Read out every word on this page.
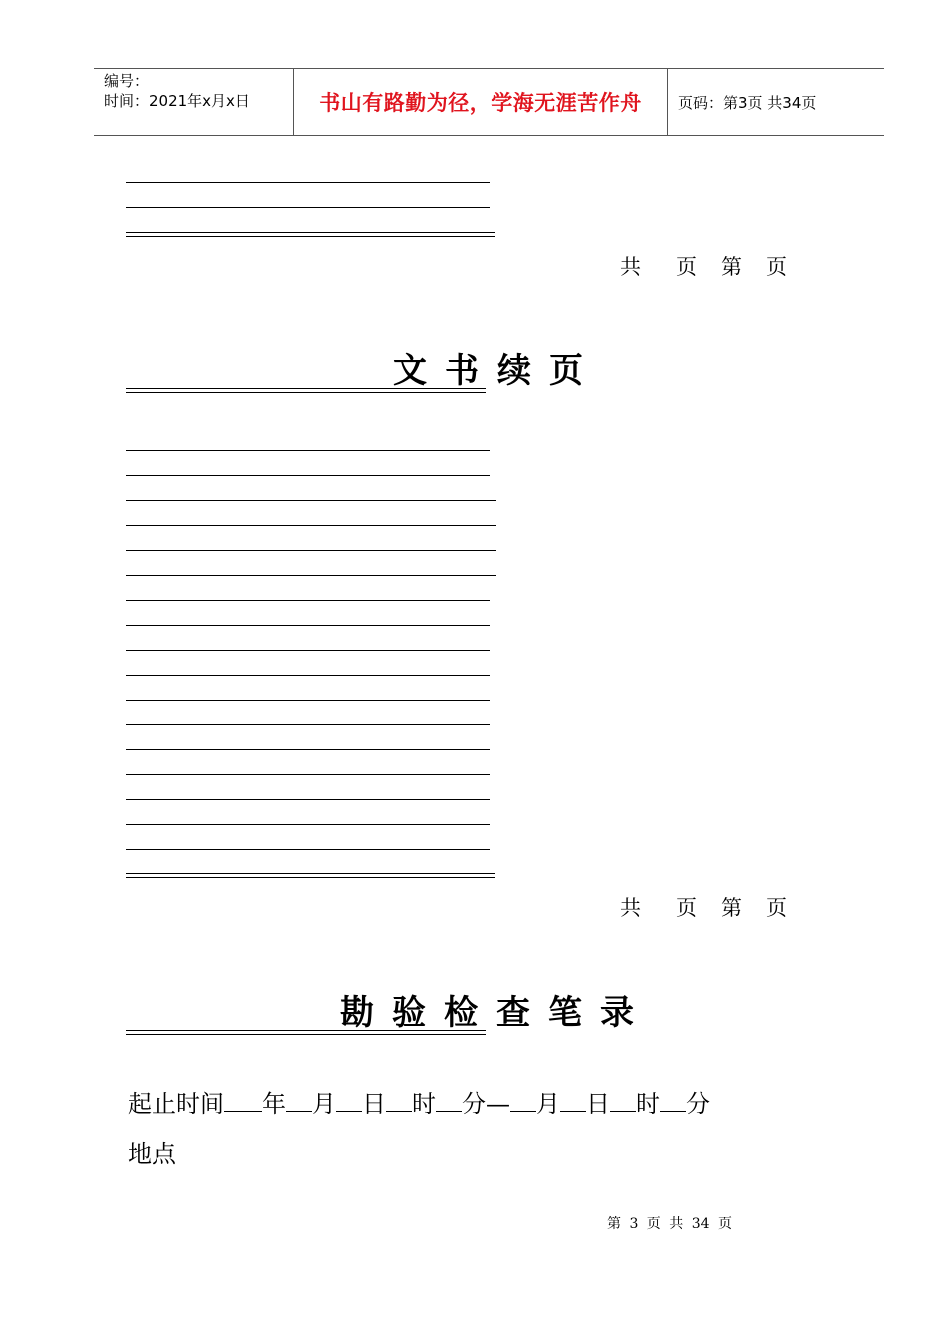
编号：
时间：2021年x月x日	书山有路勤为径，学海无涯苦作舟	页码：第3页 共34页
共 页 第 页
文书续页
共 页 第 页
勘验检查笔录
起止时间 年 月 日 时 分— 月 日 时 分
地点
第 3 页 共 34 页
